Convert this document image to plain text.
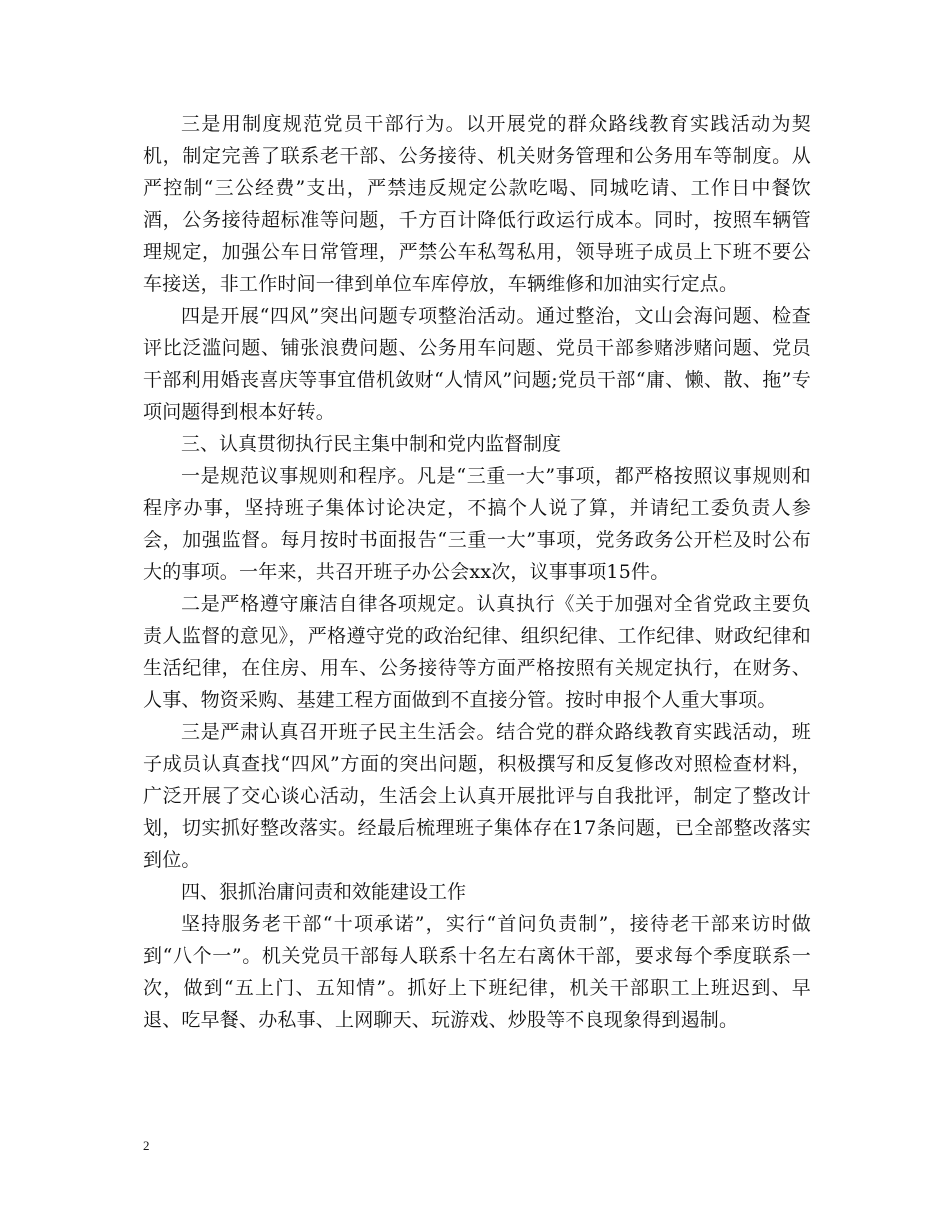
三是用制度规范党员干部行为。以开展党的群众路线教育实践活动为契机，制定完善了联系老干部、公务接待、机关财务管理和公务用车等制度。从严控制“三公经费”支出，严禁违反规定公款吃喝、同城吃请、工作日中餐饮酒，公务接待超标准等问题，千方百计降低行政运行成本。同时，按照车辆管理规定，加强公车日常管理，严禁公车私驾私用，领导班子成员上下班不要公车接送，非工作时间一律到单位车库停放，车辆维修和加油实行定点。

四是开展“四风”突出问题专项整治活动。通过整治，文山会海问题、检查评比泛滥问题、铺张浪费问题、公务用车问题、党员干部参赌涉赌问题、党员干部利用婚丧喜庆等事宜借机敛财“人情风”问题;党员干部“庸、懒、散、拖”专项问题得到根本好转。

三、认真贯彻执行民主集中制和党内监督制度

一是规范议事规则和程序。凡是“三重一大”事项，都严格按照议事规则和程序办事，坚持班子集体讨论决定，不搞个人说了算，并请纪工委负责人参会，加强监督。每月按时书面报告“三重一大”事项，党务政务公开栏及时公布大的事项。一年来，共召开班子办公会xx次，议事事项15件。

二是严格遵守廉洁自律各项规定。认真执行《关于加强对全省党政主要负责人监督的意见》，严格遵守党的政治纪律、组织纪律、工作纪律、财政纪律和生活纪律，在住房、用车、公务接待等方面严格按照有关规定执行，在财务、人事、物资采购、基建工程方面做到不直接分管。按时申报个人重大事项。

三是严肃认真召开班子民主生活会。结合党的群众路线教育实践活动，班子成员认真查找“四风”方面的突出问题，积极撰写和反复修改对照检查材料，广泛开展了交心谈心活动，生活会上认真开展批评与自我批评，制定了整改计划，切实抓好整改落实。经最后梳理班子集体存在17条问题，已全部整改落实到位。

四、狠抓治庸问责和效能建设工作

坚持服务老干部“十项承诺”，实行“首问负责制”，接待老干部来访时做到“八个一”。机关党员干部每人联系十名左右离休干部，要求每个季度联系一次，做到“五上门、五知情”。抓好上下班纪律，机关干部职工上班迟到、早退、吃早餐、办私事、上网聊天、玩游戏、炒股等不良现象得到遏制。

2
